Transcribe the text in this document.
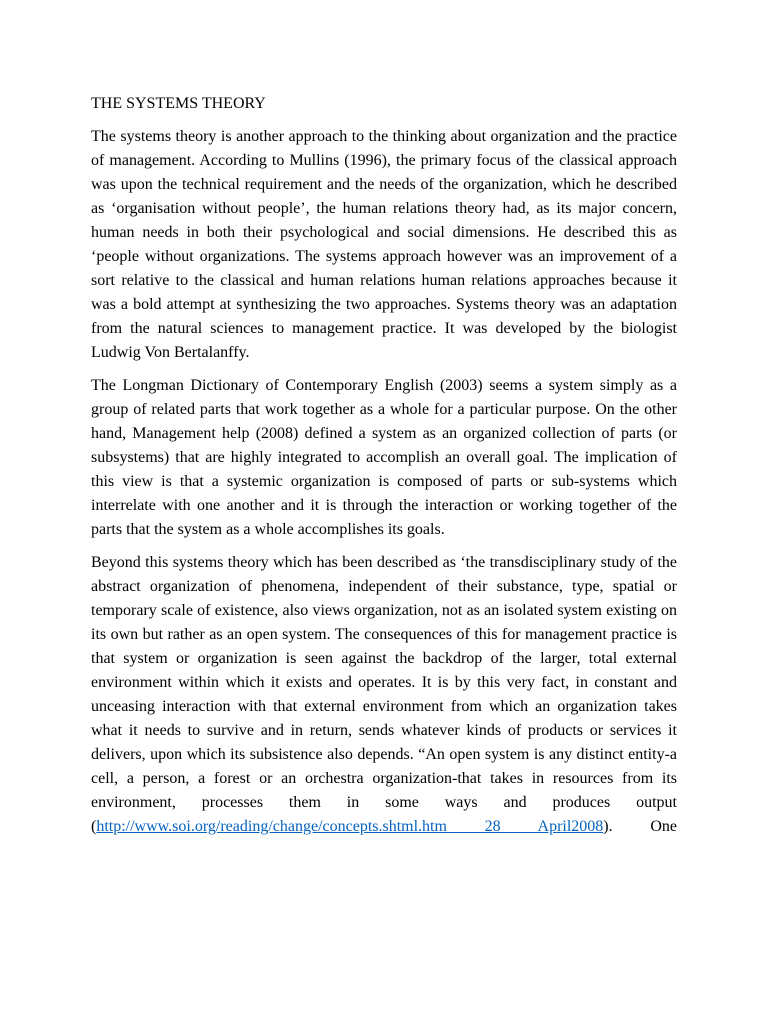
THE SYSTEMS THEORY

The systems theory is another approach to the thinking about organization and the practice of management. According to Mullins (1996), the primary focus of the classical approach was upon the technical requirement and the needs of the organization, which he described as ‘organisation without people’, the human relations theory had, as its major concern, human needs in both their psychological and social dimensions. He described this as ‘people without organizations. The systems approach however was an improvement of a sort relative to the classical and human relations human relations approaches because it was a bold attempt at synthesizing the two approaches. Systems theory was an adaptation from the natural sciences to management practice. It was developed by the biologist Ludwig Von Bertalanffy.

The Longman Dictionary of Contemporary English (2003) seems a system simply as a group of related parts that work together as a whole for a particular purpose. On the other hand, Management help (2008) defined a system as an organized collection of parts (or subsystems) that are highly integrated to accomplish an overall goal. The implication of this view is that a systemic organization is composed of parts or sub-systems which interrelate with one another and it is through the interaction or working together of the parts that the system as a whole accomplishes its goals.

Beyond this systems theory which has been described as ‘the transdisciplinary study of the abstract organization of phenomena, independent of their substance, type, spatial or temporary scale of existence, also views organization, not as an isolated system existing on its own but rather as an open system. The consequences of this for management practice is that system or organization is seen against the backdrop of the larger, total external environment within which it exists and operates. It is by this very fact, in constant and unceasing interaction with that external environment from which an organization takes what it needs to survive and in return, sends whatever kinds of products or services it delivers, upon which its subsistence also depends. “An open system is any distinct entity-a cell, a person, a forest or an orchestra organization-that takes in resources from its environment, processes them in some ways and produces output

(http://www.soi.org/reading/change/concepts.shtml.htm 28 April2008). One
